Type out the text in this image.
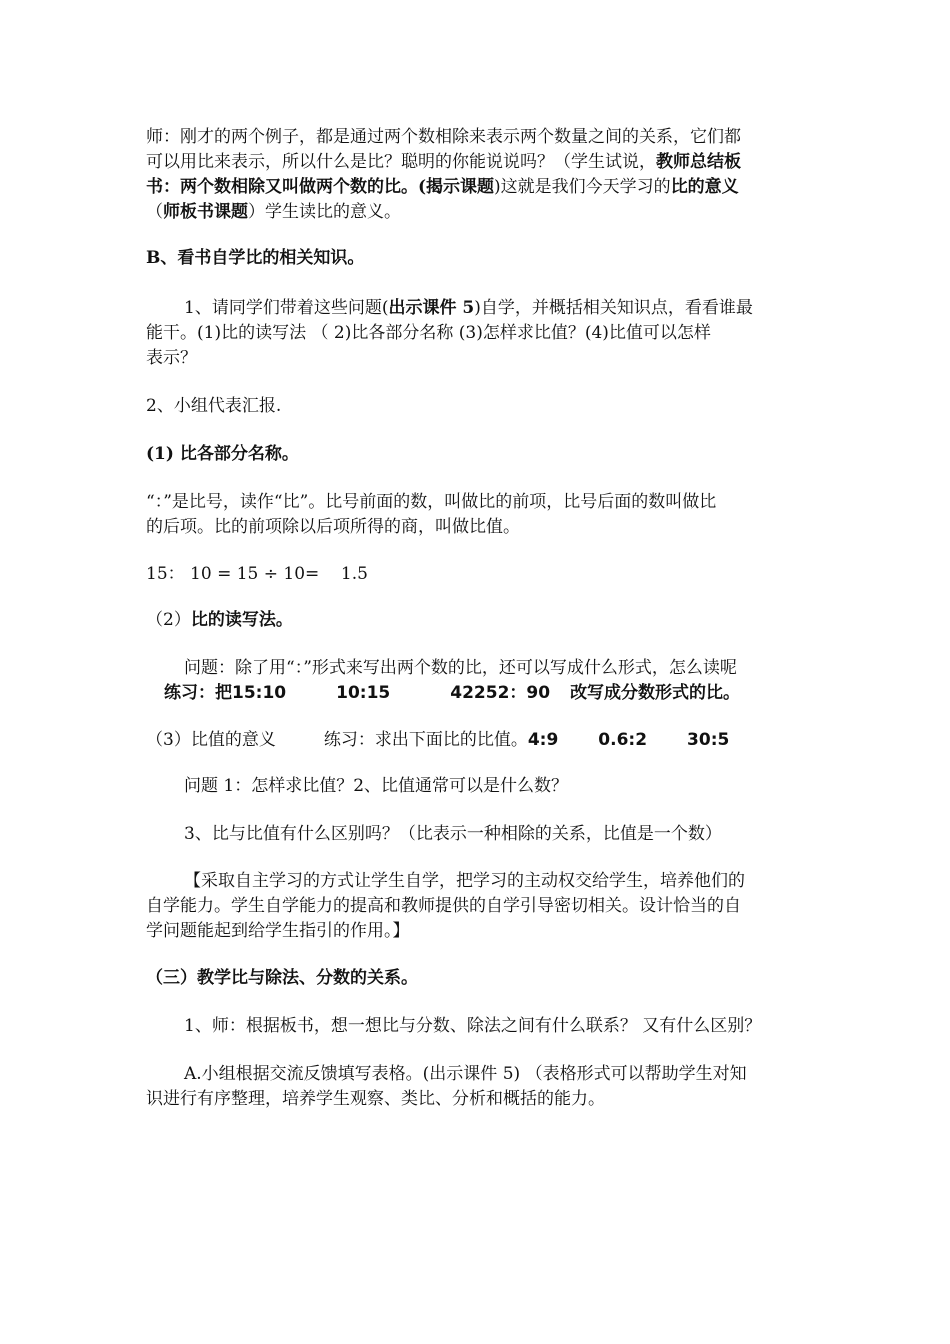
师：刚才的两个例子，都是通过两个数相除来表示两个数量之间的关系，它们都
可以用比来表示，所以什么是比？聪明的你能说说吗？（学生试说，教师总结板
书：两个数相除又叫做两个数的比。(揭示课题)这就是我们今天学习的比的意义
（师板书课题）学生读比的意义。
B、看书自学比的相关知识。
1、请同学们带着这些问题(出示课件 5)自学，并概括相关知识点，看看谁最
能干。(1)比的读写法 （ 2)比各部分名称 (3)怎样求比值？(4)比值可以怎样
表示？
2、小组代表汇报.
(1) 比各部分名称。
“：”是比号，读作“比”。比号前面的数，叫做比的前项，比号后面的数叫做比
的后项。比的前项除以后项所得的商，叫做比值。
15： 10 = 15 ÷ 10=    1.5
（2）比的读写法。
问题：除了用“：”形式来写出两个数的比，还可以写成什么形式，怎么读呢
练习：把15:10	10:15	42252：90 改写成分数形式的比。
（3）比值的意义	练习：求出下面比的比值。4:9 0.6:2 30:5
问题 1：怎样求比值？2、比值通常可以是什么数？
3、比与比值有什么区别吗？（比表示一种相除的关系，比值是一个数）
【采取自主学习的方式让学生自学，把学习的主动权交给学生，培养他们的
自学能力。学生自学能力的提高和教师提供的自学引导密切相关。设计恰当的自
学问题能起到给学生指引的作用。】
（三）教学比与除法、分数的关系。
1、师：根据板书，想一想比与分数、除法之间有什么联系？ 又有什么区别？
A.小组根据交流反馈填写表格。(出示课件 5) （表格形式可以帮助学生对知
识进行有序整理，培养学生观察、类比、分析和概括的能力。
